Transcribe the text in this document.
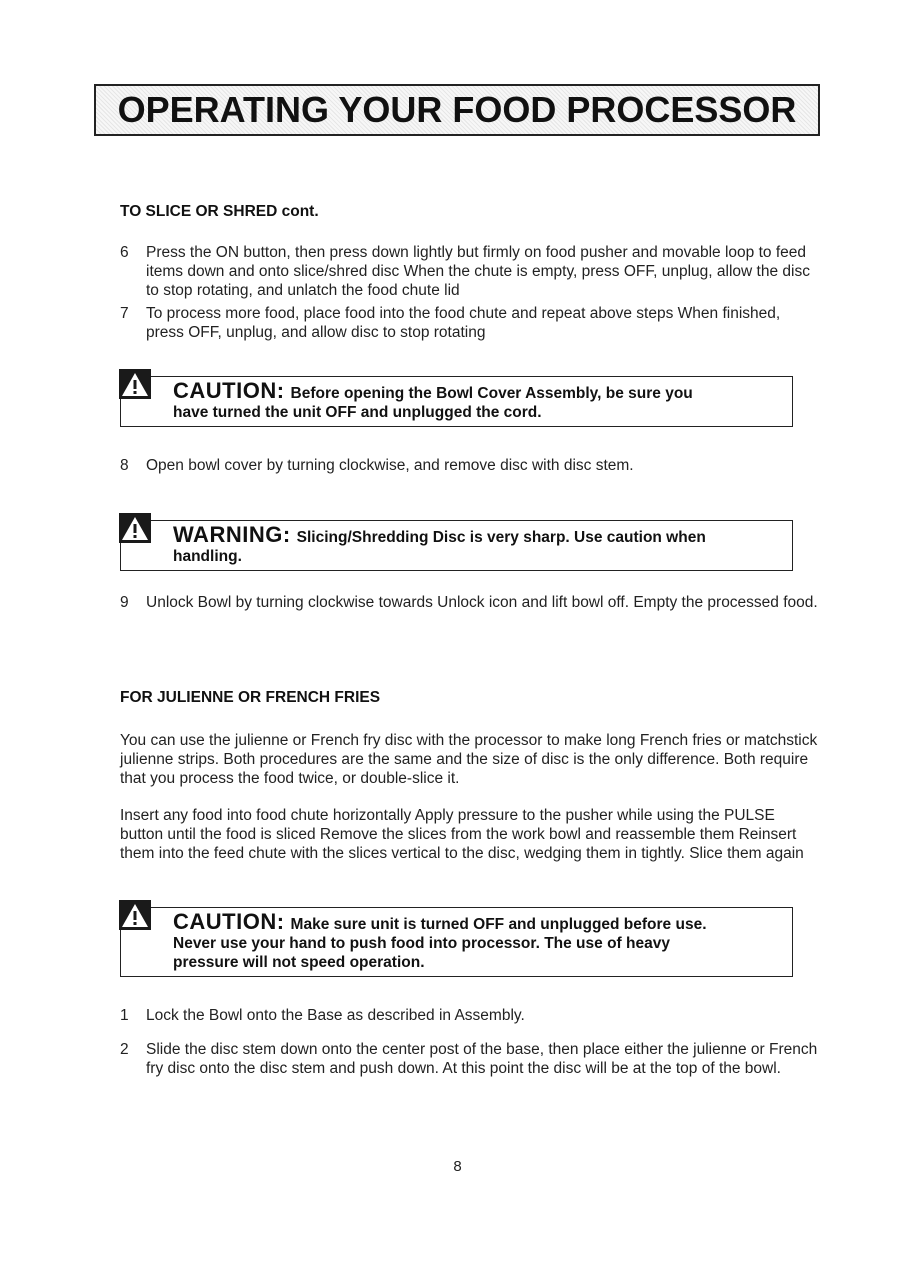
OPERATING YOUR FOOD PROCESSOR
TO SLICE OR SHRED cont.
6	Press the ON button, then press down lightly but firmly on food pusher and movable loop to feed items down and onto slice/shred disc When the chute is empty, press OFF, unplug, allow the disc to stop rotating, and unlatch the food chute lid
7	To process more food, place food into the food chute and repeat above steps When finished, press OFF, unplug, and allow disc to stop rotating
CAUTION: Before opening the Bowl Cover Assembly, be sure you
have turned the unit OFF and unplugged the cord.
8	Open bowl cover by turning clockwise, and remove disc with disc stem.
WARNING: Slicing/Shredding Disc is very sharp. Use caution when
handling.
9	Unlock Bowl by turning clockwise towards Unlock icon and lift bowl off. Empty the processed food.
FOR JULIENNE OR FRENCH FRIES
You can use the julienne or French fry disc with the processor to make long French fries or matchstick julienne strips. Both procedures are the same and the size of disc is the only difference. Both require that you process the food twice, or double-slice it.
Insert any food into food chute horizontally Apply pressure to the pusher while using the PULSE button until the food is sliced Remove the slices from the work bowl and reassemble them Reinsert them into the feed chute with the slices vertical to the disc, wedging them in tightly. Slice them again
CAUTION: Make sure unit is turned OFF and unplugged before use.
Never use your hand to push food into processor. The use of heavy
pressure will not speed operation.
1	Lock the Bowl onto the Base as described in Assembly.
2	Slide the disc stem down onto the center post of the base, then place either the julienne or French fry disc onto the disc stem and push down. At this point the disc will be at the top of the bowl.
8
